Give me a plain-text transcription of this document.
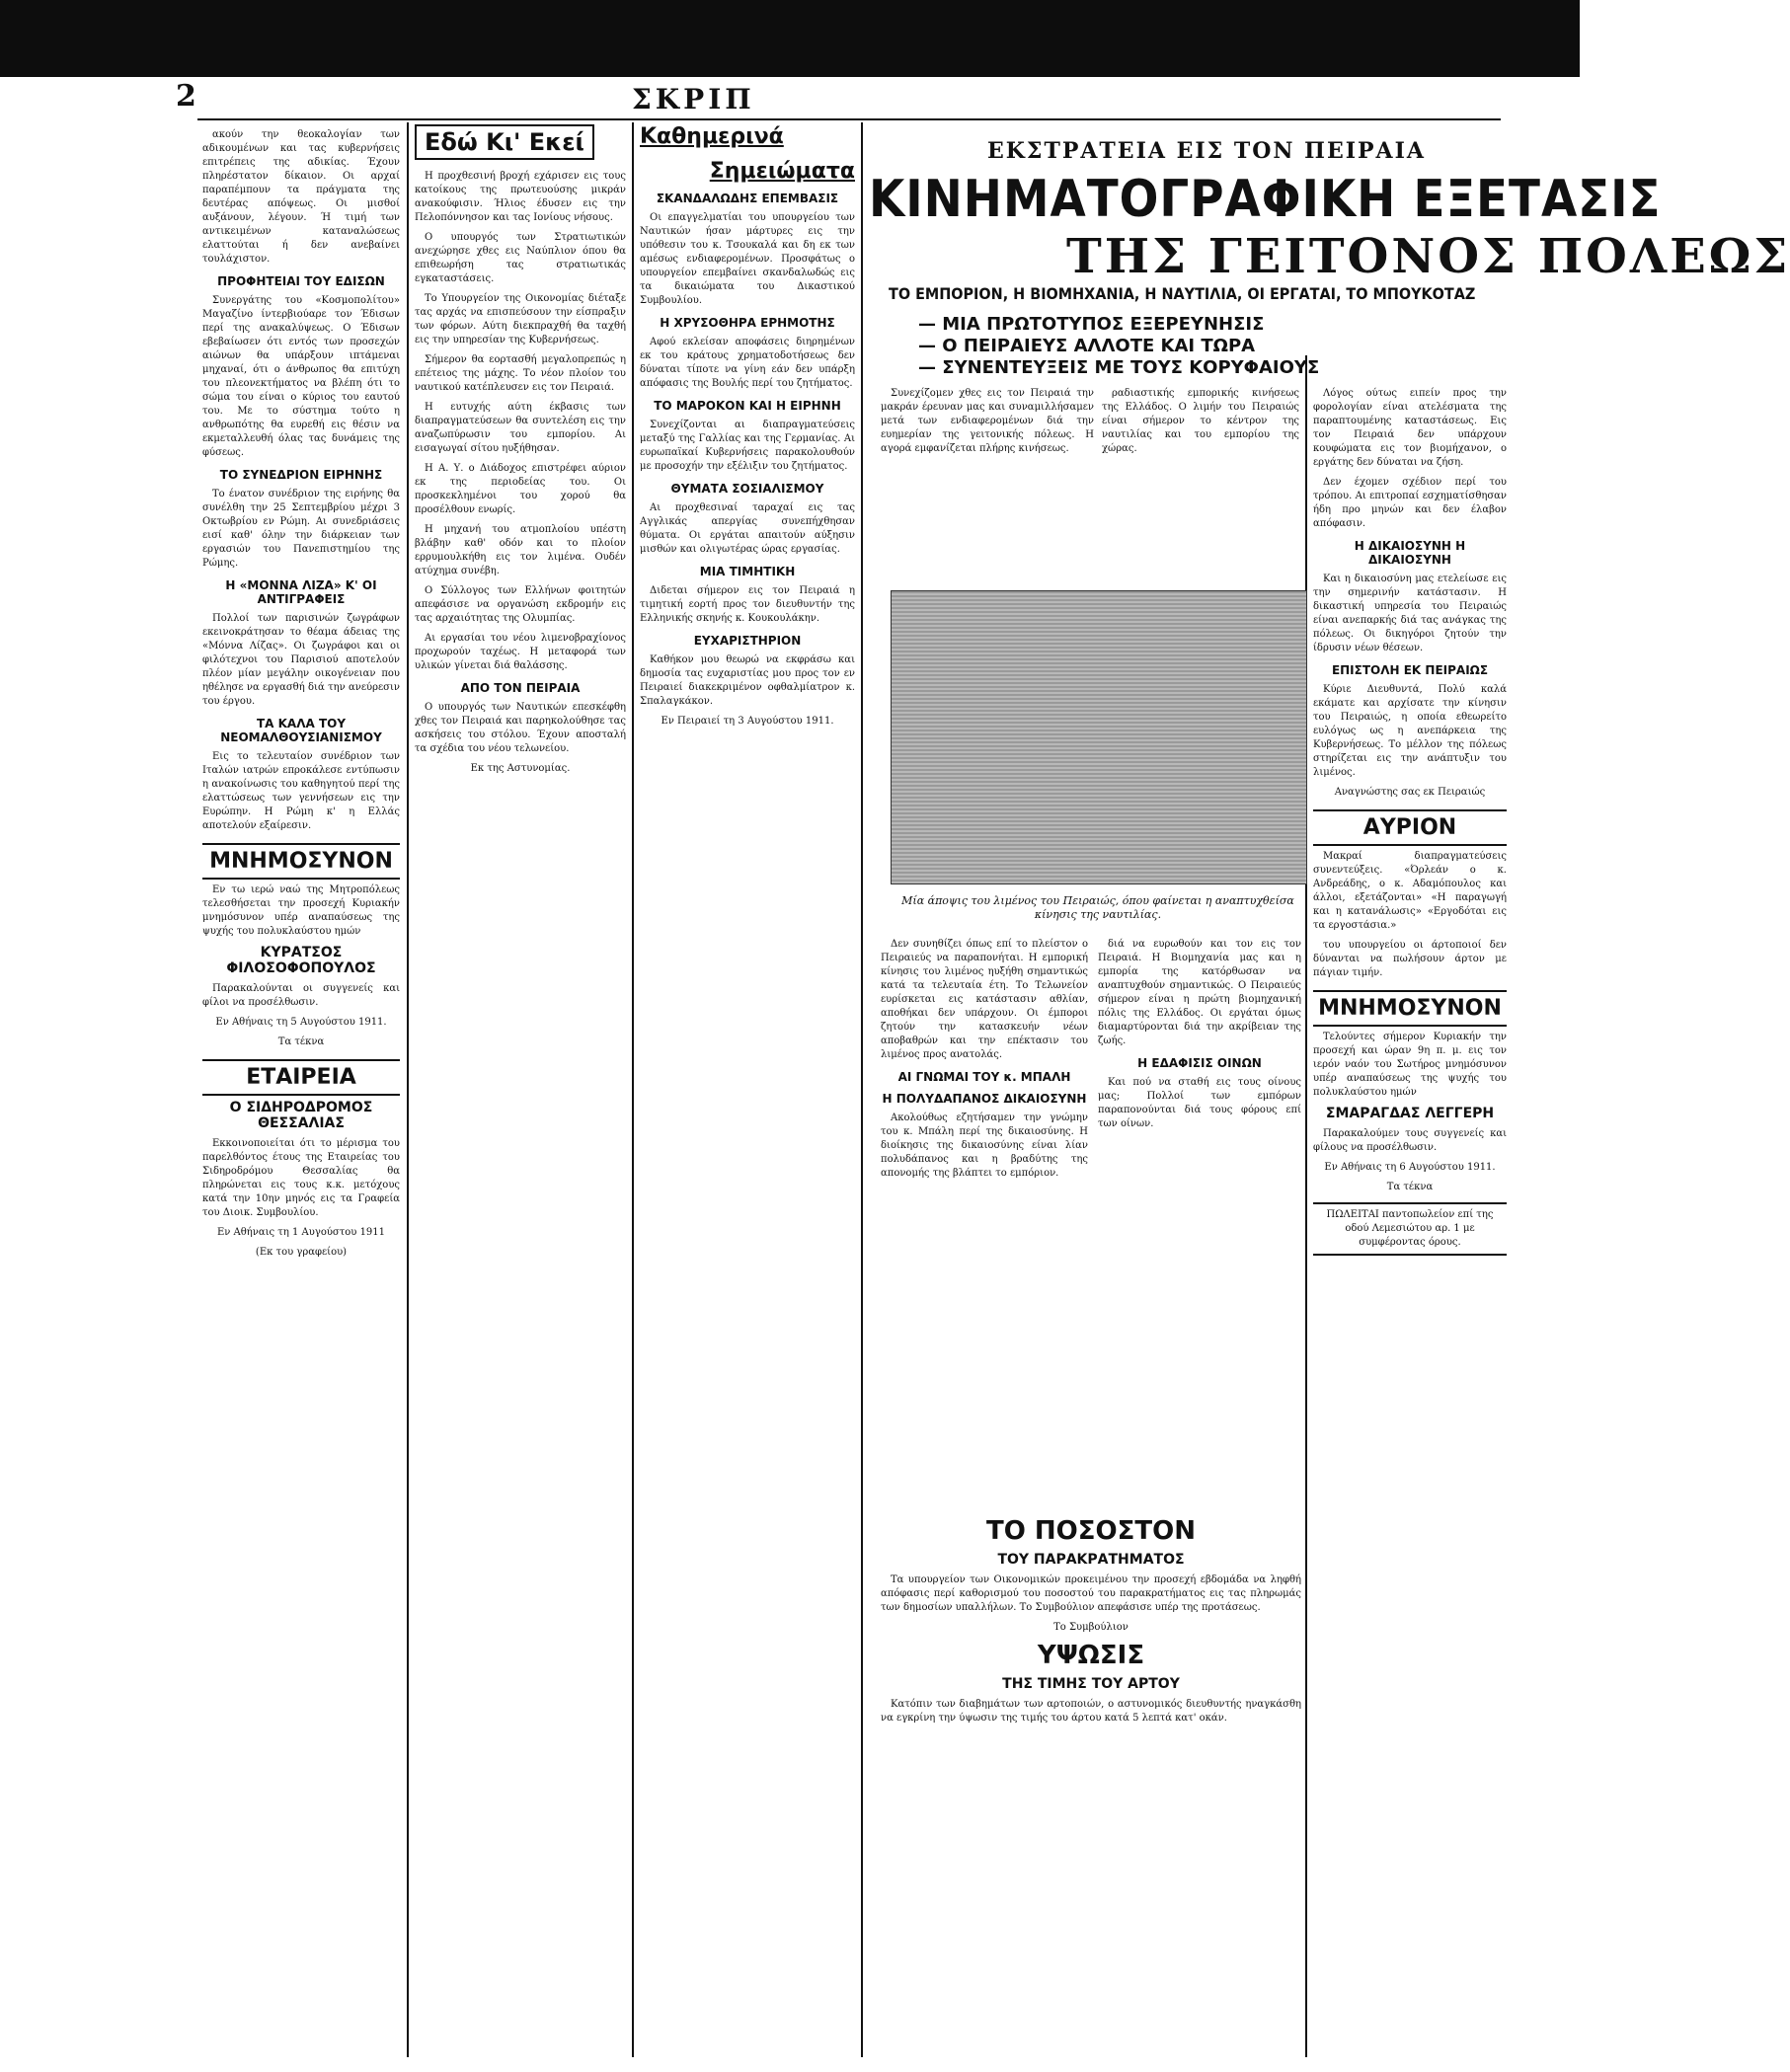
2	ΣΚΡΙΠ

ακούν την θεοκαλογίαν των αδικουμένων και τας κυβερνήσεις επιτρέπεις της αδικίας. Έχουν πληρέστατον δίκαιον. Οι αρχαί παραπέμπουν τα πράγματα της δευτέρας απόψεως. Οι μισθοί αυξάνουν, λέγουν. Ή τιμή των αντικειμένων καταναλώσεως ελαττούται ή δεν ανεβαίνει τουλάχιστον.

ΠΡΟΦΗΤΕΙΑΙ ΤΟΥ ΕΔΙΣΩΝ

Συνεργάτης του «Κοσμοπολίτου» Μαγαζίνο ίντερβιούαρε τον Έδισων περί της ανακαλύψεως. Ο Έδισων εβεβαίωσεν ότι εντός των προσεχών αιώνων θα υπάρξουν ιπτάμεναι μηχαναί, ότι ο άνθρωπος θα επιτύχη του πλεονεκτήματος να βλέπη ότι το σώμα του είναι ο κύριος του εαυτού του. Με το σύστημα τούτο η ανθρωπότης θα ευρεθή εις θέσιν να εκμεταλλευθή όλας τας δυνάμεις της φύσεως.

ΤΟ ΣΥΝΕΔΡΙΟΝ ΕΙΡΗΝΗΣ

Το ένατον συνέδριον της ειρήνης θα συνέλθη την 25 Σεπτεμβρίου μέχρι 3 Οκτωβρίου εν Ρώμη. Αι συνεδριάσεις εισί καθ' όλην την διάρκειαν των εργασιών του Πανεπιστημίου της Ρώμης.

Η «ΜΟΝΝΑ ΛΙΖΑ» Κ' ΟΙ ΑΝΤΙΓΡΑΦΕΙΣ

Πολλοί των παρισινών ζωγράφων εκεινοκράτησαν το θέαμα άδειας της «Μόννα Λίζας». Οι ζωγράφοι και οι φιλότεχνοι του Παρισιού αποτελούν πλέον μίαν μεγάλην οικογένειαν που ηθέλησε να εργασθή διά την ανεύρεσιν του έργου.

ΤΑ ΚΑΛΑ ΤΟΥ ΝΕΟΜΑΛΘΟΥΣΙΑΝΙΣΜΟΥ

Εις το τελευταίον συνέδριον των Ιταλών ιατρών επροκάλεσε εντύπωσιν η ανακοίνωσις του καθηγητού περί της ελαττώσεως των γεννήσεων εις την Ευρώπην. Η Ρώμη κ' η Ελλάς αποτελούν εξαίρεσιν.

ΜΝΗΜΟΣΥΝΟΝ

Εν τω ιερώ ναώ της Μητροπόλεως τελεσθήσεται την προσεχή Κυριακήν μνημόσυνον υπέρ αναπαύσεως της ψυχής του πολυκλαύστου ημών

ΚΥΡΑΤΣΟΣ ΦΙΛΟΣΟΦΟΠΟΥΛΟΣ

Παρακαλούνται οι συγγενείς και φίλοι να προσέλθωσιν.

Εν Αθήναις τη 5 Αυγούστου 1911.

Τα τέκνα

ΕΤΑΙΡΕΙΑ
Ο ΣΙΔΗΡΟΔΡΟΜΟΣ ΘΕΣΣΑΛΙΑΣ

Εκκοινοποιείται ότι το μέρισμα του παρελθόντος έτους της Εταιρείας του Σιδηροδρόμου Θεσσαλίας θα πληρώνεται εις τους κ.κ. μετόχους κατά την 10ην μηνός εις τα Γραφεία του Διοικ. Συμβουλίου.

Εν Αθήναις τη 1 Αυγούστου 1911

(Εκ του γραφείου)

Εδώ Κι' Εκεί

Η προχθεσινή βροχή εχάρισεν εις τους κατοίκους της πρωτευούσης μικράν ανακούφισιν. Ήλιος έδυσεν εις την Πελοπόννησον και τας Ιονίους νήσους.

Ο υπουργός των Στρατιωτικών ανεχώρησε χθες εις Ναύπλιον όπου θα επιθεωρήση τας στρατιωτικάς εγκαταστάσεις.

Το Υπουργείον της Οικονομίας διέταξε τας αρχάς να επισπεύσουν την είσπραξιν των φόρων. Αύτη διεκπραχθή θα ταχθή εις την υπηρεσίαν της Κυβερνήσεως.

Σήμερον θα εορτασθή μεγαλοπρεπώς η επέτειος της μάχης. Το νέον πλοίον του ναυτικού κατέπλευσεν εις τον Πειραιά.

Η ευτυχής αύτη έκβασις των διαπραγματεύσεων θα συντελέση εις την αναζωπύρωσιν του εμπορίου. Αι εισαγωγαί σίτου ηυξήθησαν.

Η Α. Υ. ο Διάδοχος επιστρέφει αύριον εκ της περιοδείας του. Οι προσκεκλημένοι του χορού θα προσέλθουν ενωρίς.

Η μηχανή του ατμοπλοίου υπέστη βλάβην καθ' οδόν και το πλοίον ερρυμουλκήθη εις τον λιμένα. Ουδέν ατύχημα συνέβη.

Ο Σύλλογος των Ελλήνων φοιτητών απεφάσισε να οργανώση εκδρομήν εις τας αρχαιότητας της Ολυμπίας.

Αι εργασίαι του νέου λιμενοβραχίονος προχωρούν ταχέως. Η μεταφορά των υλικών γίνεται διά θαλάσσης.

ΑΠΟ ΤΟΝ ΠΕΙΡΑΙΑ

Ο υπουργός των Ναυτικών επεσκέφθη χθες τον Πειραιά και παρηκολούθησε τας ασκήσεις του στόλου. Έχουν αποσταλή τα σχέδια του νέου τελωνείου.

Εκ της Αστυνομίας.

Καθημερινά
Σημειώματα
ΣΚΑΝΔΑΛΩΔΗΣ ΕΠΕΜΒΑΣΙΣ

Οι επαγγελματίαι του υπουργείου των Ναυτικών ήσαν μάρτυρες εις την υπόθεσιν του κ. Τσουκαλά και δη εκ των αμέσως ενδιαφερομένων. Προσφάτως ο υπουργείον επεμβαίνει σκανδαλωδώς εις τα δικαιώματα του Δικαστικού Συμβουλίου.

Η ΧΡΥΣΟΘΗΡΑ ΕΡΗΜΟΤΗΣ

Αφού εκλείσαν αποφάσεις διηρημένων εκ του κράτους χρηματοδοτήσεως δεν δύναται τίποτε να γίνη εάν δεν υπάρξη απόφασις της Βουλής περί του ζητήματος.

ΤΟ ΜΑΡΟΚΟΝ ΚΑΙ Η ΕΙΡΗΝΗ

Συνεχίζονται αι διαπραγματεύσεις μεταξύ της Γαλλίας και της Γερμανίας. Αι ευρωπαϊκαί Κυβερνήσεις παρακολουθούν με προσοχήν την εξέλιξιν του ζητήματος.

ΘΥΜΑΤΑ ΣΟΣΙΑΛΙΣΜΟΥ

Αι προχθεσιναί ταραχαί εις τας Αγγλικάς απεργίας συνεπήχθησαν θύματα. Οι εργάται απαιτούν αύξησιν μισθών και ολιγωτέρας ώρας εργασίας.

ΜΙΑ ΤΙΜΗΤΙΚΗ

Διδεται σήμερον εις τον Πειραιά η τιμητική εορτή προς τον διευθυντήν της Ελληνικής σκηνής κ. Κουκουλάκην.

ΕΥΧΑΡΙΣΤΗΡΙΟΝ

Καθήκον μου θεωρώ να εκφράσω και δημοσία τας ευχαριστίας μου προς τον εν Πειραιεί διακεκριμένον οφθαλμίατρον κ. Σπαλαγκάκον.

Εν Πειραιεί τη 3 Αυγούστου 1911.

ΕΚΣΤΡΑΤΕΙΑ ΕΙΣ ΤΟΝ ΠΕΙΡΑΙΑ
ΚΙΝΗΜΑΤΟΓΡΑΦΙΚΗ ΕΞΕΤΑΣΙΣ
ΤΗΣ ΓΕΙΤΟΝΟΣ ΠΟΛΕΩΣ
ΤΟ ΕΜΠΟΡΙΟΝ, Η ΒΙΟΜΗΧΑΝΙΑ, Η ΝΑΥΤΙΛΙΑ, ΟΙ ΕΡΓΑΤΑΙ, ΤΟ ΜΠΟΥΚΟΤΑΖ
— ΜΙΑ ΠΡΩΤΟΤΥΠΟΣ ΕΞΕΡΕΥΝΗΣΙΣ
— Ο ΠΕΙΡΑΙΕΥΣ ΑΛΛΟΤΕ ΚΑΙ ΤΩΡΑ
— ΣΥΝΕΝΤΕΥΞΕΙΣ ΜΕ ΤΟΥΣ ΚΟΡΥΦΑΙΟΥΣ

Συνεχίζομεν χθες εις τον Πειραιά την μακράν έρευναν μας και συναμιλλήσαμεν μετά των ενδιαφερομένων διά την ευημερίαν της γειτονικής πόλεως. Η αγορά εμφανίζεται πλήρης κινήσεως.

ραδιαστικής εμπορικής κινήσεως της Ελλάδος. Ο λιμήν του Πειραιώς είναι σήμερον το κέντρον της ναυτιλίας και του εμπορίου της χώρας.

Μία άποψις του λιμένος του Πειραιώς, όπου φαίνεται η αναπτυχθείσα κίνησις της ναυτιλίας.

Δεν συνηθίζει όπως επί το πλείστον ο Πειραιεύς να παραπονήται. Η εμπορική κίνησις του λιμένος ηυξήθη σημαντικώς κατά τα τελευταία έτη. Το Τελωνείον ευρίσκεται εις κατάστασιν αθλίαν, αποθήκαι δεν υπάρχουν. Οι έμποροι ζητούν την κατασκευήν νέων αποβαθρών και την επέκτασιν του λιμένος προς ανατολάς.

ΑΙ ΓΝΩΜΑΙ ΤΟΥ κ. ΜΠΑΛΗ
Η ΠΟΛΥΔΑΠΑΝΟΣ ΔΙΚΑΙΟΣΥΝΗ

Ακολούθως εζητήσαμεν την γνώμην του κ. Μπάλη περί της δικαιοσύνης. Η διοίκησις της δικαιοσύνης είναι λίαν πολυδάπανος και η βραδύτης της απονομής της βλάπτει το εμπόριον.

διά να ευρωθούν και τον εις τον Πειραιά. Η Βιομηχανία μας και η εμπορία της κατόρθωσαν να αναπτυχθούν σημαντικώς. Ο Πειραιεύς σήμερον είναι η πρώτη βιομηχανική πόλις της Ελλάδος. Οι εργάται όμως διαμαρτύρονται διά την ακρίβειαν της ζωής.

Η ΕΔΑΦΙΣΙΣ ΟΙΝΩΝ

Και πού να σταθή εις τους οίνους μας; Πολλοί των εμπόρων παραπονούνται διά τους φόρους επί των οίνων.

ΤΟ ΠΟΣΟΣΤΟΝ
ΤΟΥ ΠΑΡΑΚΡΑΤΗΜΑΤΟΣ

Τα υπουργείον των Οικονομικών προκειμένου την προσεχή εβδομάδα να ληφθή απόφασις περί καθορισμού του ποσοστού του παρακρατήματος εις τας πληρωμάς των δημοσίων υπαλλήλων. Το Συμβούλιον απεφάσισε υπέρ της προτάσεως.

Το Συμβούλιον

ΥΨΩΣΙΣ
ΤΗΣ ΤΙΜΗΣ ΤΟΥ ΑΡΤΟΥ

Κατόπιν των διαβημάτων των αρτοποιών, ο αστυνομικός διευθυντής ηναγκάσθη να εγκρίνη την ύψωσιν της τιμής του άρτου κατά 5 λεπτά κατ' οκάν.

Λόγος ούτως ειπείν προς την φορολογίαν είναι ατελέσματα της παραπτουμένης καταστάσεως. Εις τον Πειραιά δεν υπάρχουν κουφώματα εις τον βιομήχανον, ο εργάτης δεν δύναται να ζήση.

Δεν έχομεν σχέδιον περί του τρόπου. Αι επιτροπαί εσχηματίσθησαν ήδη προ μηνών και δεν έλαβον απόφασιν.

Η ΔΙΚΑΙΟΣΥΝΗ Η ΔΙΚΑΙΟΣΥΝΗ

Και η δικαιοσύνη μας ετελείωσε εις την σημερινήν κατάστασιν. Η δικαστική υπηρεσία του Πειραιώς είναι ανεπαρκής διά τας ανάγκας της πόλεως. Οι δικηγόροι ζητούν την ίδρυσιν νέων θέσεων.

ΕΠΙΣΤΟΛΗ ΕΚ ΠΕΙΡΑΙΩΣ

Κύριε Διευθυντά, Πολύ καλά εκάματε και αρχίσατε την κίνησιν του Πειραιώς, η οποία εθεωρείτο ευλόγως ως η ανεπάρκεια της Κυβερνήσεως. Το μέλλον της πόλεως στηρίζεται εις την ανάπτυξιν του λιμένος.

Αναγνώστης σας εκ Πειραιώς

ΑΥΡΙΟΝ

Μακραί διαπραγματεύσεις συνεντεύξεις. «Όρλεάν ο κ. Ανδρεάδης, ο κ. Αδαμόπουλος και άλλοι, εξετάζονται» «Η παραγωγή και η κατανάλωσις» «Εργοδόται εις τα εργοστάσια.»

του υπουργείου οι άρτοποιοί δεν δύνανται να πωλήσουν άρτον με πάγιαν τιμήν.

ΜΝΗΜΟΣΥΝΟΝ

Τελούντες σήμερον Κυριακήν την προσεχή και ώραν 9η π. μ. εις τον ιερόν ναόν του Σωτήρος μνημόσυνον υπέρ αναπαύσεως της ψυχής του πολυκλαύστου ημών

ΣΜΑΡΑΓΔΑΣ ΛΕΓΓΕΡΗ

Παρακαλούμεν τους συγγενείς και φίλους να προσέλθωσιν.

Εν Αθήναις τη 6 Αυγούστου 1911.

Τα τέκνα

ΠΩΛΕΙΤΑΙ παντοπωλείον επί της οδού Λεμεσιώτου αρ. 1 με συμφέροντας όρους.
